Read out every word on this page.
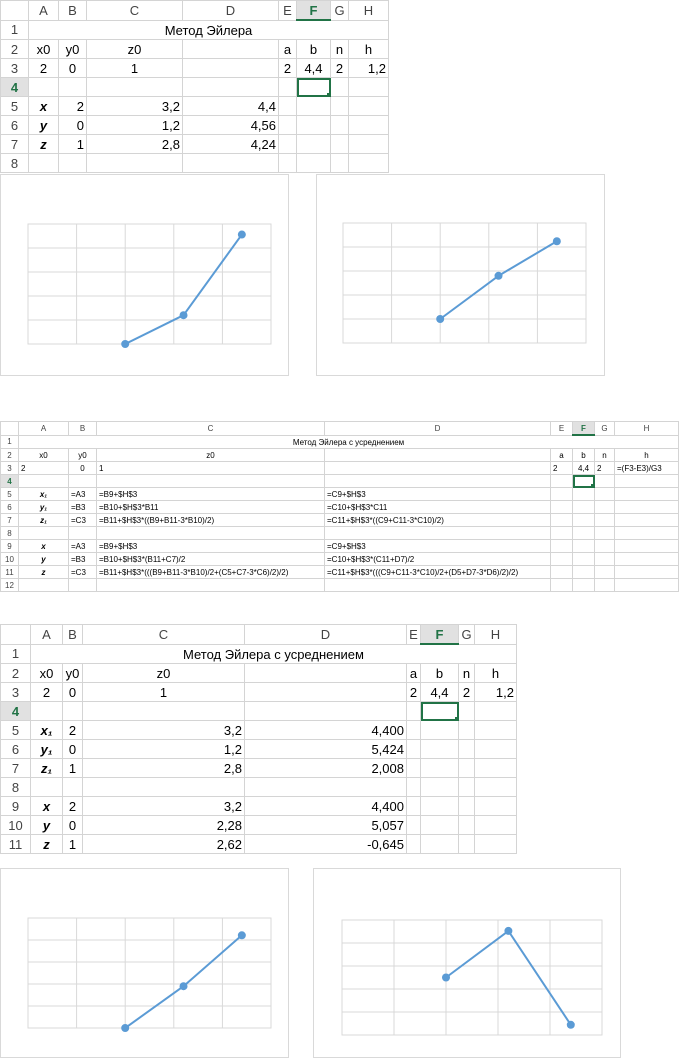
	A	B	C	D	E	F	G	H
1	Метод Эйлера							
2	x0	y0	z0		a	b	n	h
3	2	0	1		2	4,4	2	1,2
4								
5	x	2	3,2	4,4				
6	y	0	1,2	4,56				
7	z	1	2,8	4,24				
8								
	A	B	C	D	E	F	G	H
1	Метод Эйлера с усреднением							
2	x0	y0	z0		a	b	n	h
3	2	0	1		2	4,4	2	=(F3-E3)/G3
4								
5	x₁	=A3	=B9+$H$3	=C9+$H$3				
6	y₁	=B3	=B10+$H$3*B11	=C10+$H$3*C11				
7	z₁	=C3	=B11+$H$3*((B9+B11-3*B10)/2)	=C11+$H$3*((C9+C11-3*C10)/2)				
8								
9	x	=A3	=B9+$H$3	=C9+$H$3				
10	y	=B3	=B10+$H$3*(B11+C7)/2	=C10+$H$3*(C11+D7)/2				
11	z	=C3	=B11+$H$3*(((B9+B11-3*B10)/2+(C5+C7-3*C6)/2)/2)	=C11+$H$3*(((C9+C11-3*C10)/2+(D5+D7-3*D6)/2)/2)				
12								
	A	B	C	D	E	F	G	H
1	Метод Эйлера с усреднением							
2	x0	y0	z0		a	b	n	h
3	2	0	1		2	4,4	2	1,2
4								
5	x₁	2	3,2	4,400				
6	y₁	0	1,2	5,424				
7	z₁	1	2,8	2,008				
8								
9	x	2	3,2	4,400				
10	y	0	2,28	5,057				
11	z	1	2,62	-0,645				
